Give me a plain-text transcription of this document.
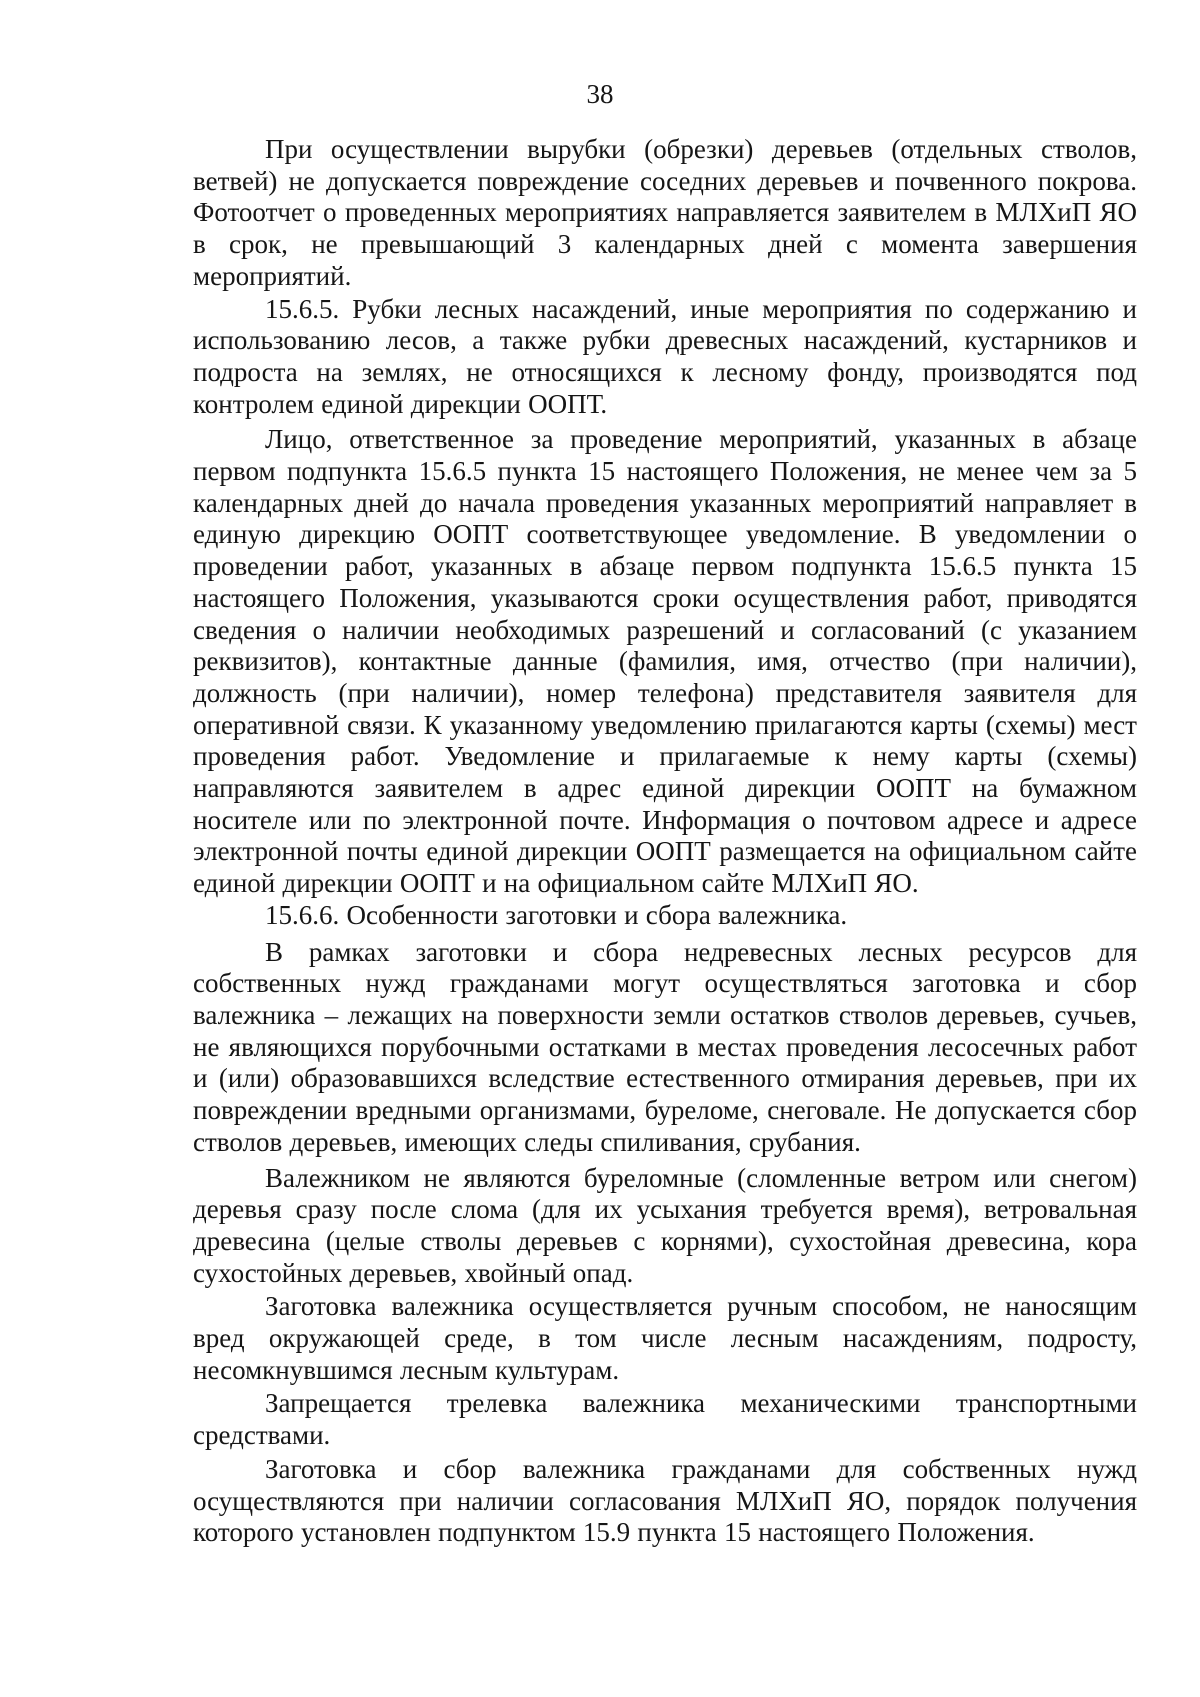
38

При осуществлении вырубки (обрезки) деревьев (отдельных стволов, ветвей) не допускается повреждение соседних деревьев и почвенного покрова. Фотоотчет о проведенных мероприятиях направляется заявителем в МЛХиП ЯО в срок, не превышающий 3 календарных дней с момента завершения мероприятий.

15.6.5. Рубки лесных насаждений, иные мероприятия по содержанию и использованию лесов, а также рубки древесных насаждений, кустарников и подроста на землях, не относящихся к лесному фонду, производятся под контролем единой дирекции ООПТ.

Лицо, ответственное за проведение мероприятий, указанных в абзаце первом подпункта 15.6.5 пункта 15 настоящего Положения, не менее чем за 5 календарных дней до начала проведения указанных мероприятий направляет в единую дирекцию ООПТ соответствующее уведомление. В уведомлении о проведении работ, указанных в абзаце первом подпункта 15.6.5 пункта 15 настоящего Положения, указываются сроки осуществления работ, приводятся сведения о наличии необходимых разрешений и согласований (с указанием реквизитов), контактные данные (фамилия, имя, отчество (при наличии), должность (при наличии), номер телефона) представителя заявителя для оперативной связи. К указанному уведомлению прилагаются карты (схемы) мест проведения работ. Уведомление и прилагаемые к нему карты (схемы) направляются заявителем в адрес единой дирекции ООПТ на бумажном носителе или по электронной почте. Информация о почтовом адресе и адресе электронной почты единой дирекции ООПТ размещается на официальном сайте единой дирекции ООПТ и на официальном сайте МЛХиП ЯО.

15.6.6. Особенности заготовки и сбора валежника.

В рамках заготовки и сбора недревесных лесных ресурсов для собственных нужд гражданами могут осуществляться заготовка и сбор валежника – лежащих на поверхности земли остатков стволов деревьев, сучьев, не являющихся порубочными остатками в местах проведения лесосечных работ и (или) образовавшихся вследствие естественного отмирания деревьев, при их повреждении вредными организмами, буреломе, снеговале. Не допускается сбор стволов деревьев, имеющих следы спиливания, срубания.

Валежником не являются буреломные (сломленные ветром или снегом) деревья сразу после слома (для их усыхания требуется время), ветровальная древесина (целые стволы деревьев с корнями), сухостойная древесина, кора сухостойных деревьев, хвойный опад.

Заготовка валежника осуществляется ручным способом, не наносящим вред окружающей среде, в том числе лесным насаждениям, подросту, несомкнувшимся лесным культурам.

Запрещается трелевка валежника механическими транспортными средствами.

Заготовка и сбор валежника гражданами для собственных нужд осуществляются при наличии согласования МЛХиП ЯО, порядок получения которого установлен подпунктом 15.9 пункта 15 настоящего Положения.
